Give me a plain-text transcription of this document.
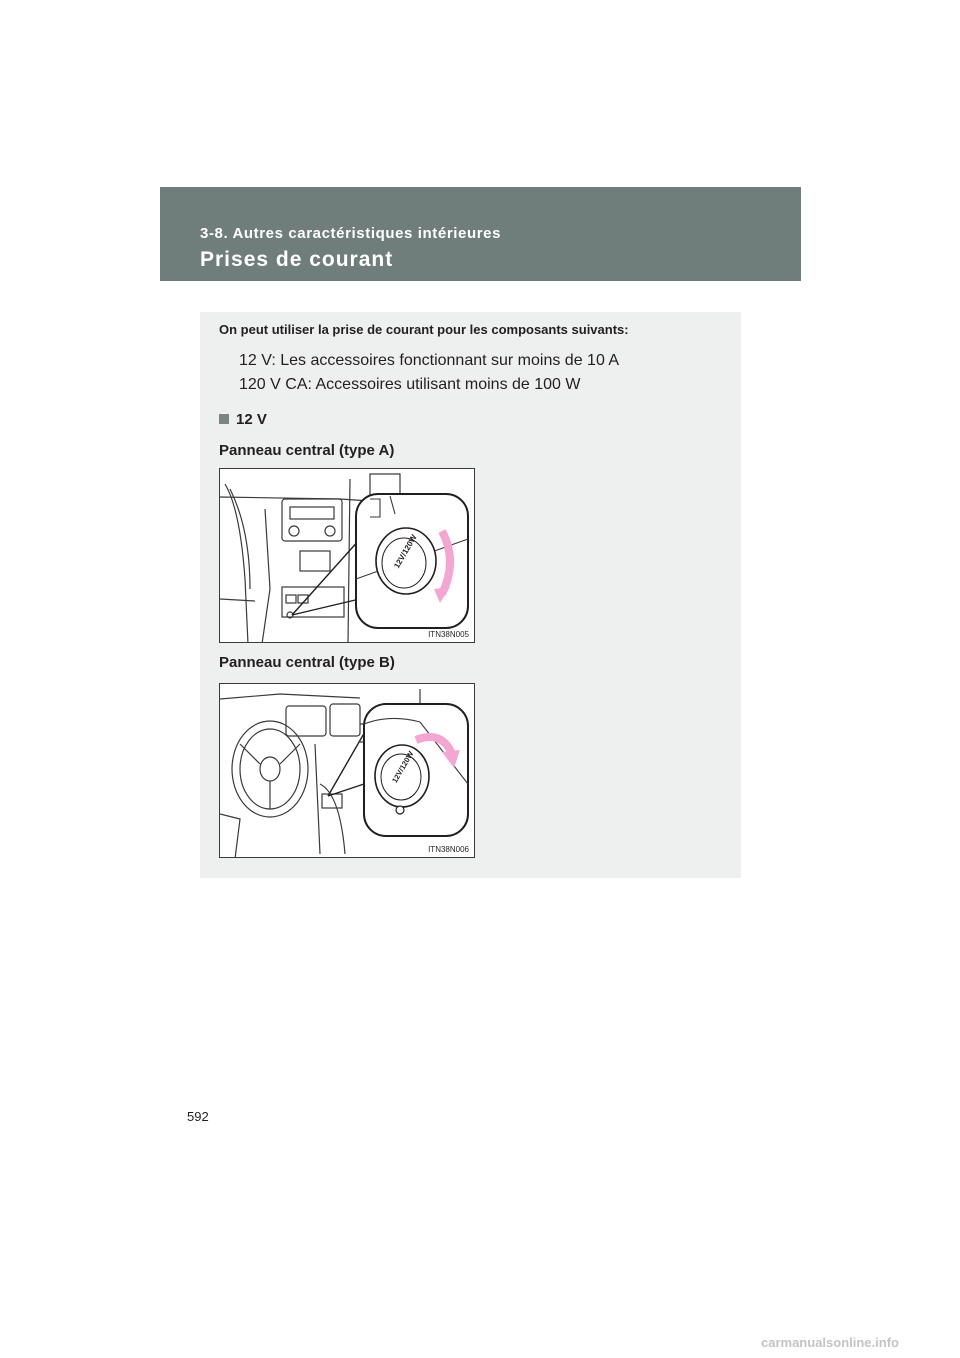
3-8. Autres caractéristiques intérieures
Prises de courant
On peut utiliser la prise de courant pour les composants suivants:
12 V: Les accessoires fonctionnant sur moins de 10 A
120 V CA: Accessoires utilisant moins de 100 W
12 V
Panneau central (type A)
12V/120W
ITN38N005
Panneau central (type B)
12V/120W
ITN38N006
592
carmanualsonline.info
